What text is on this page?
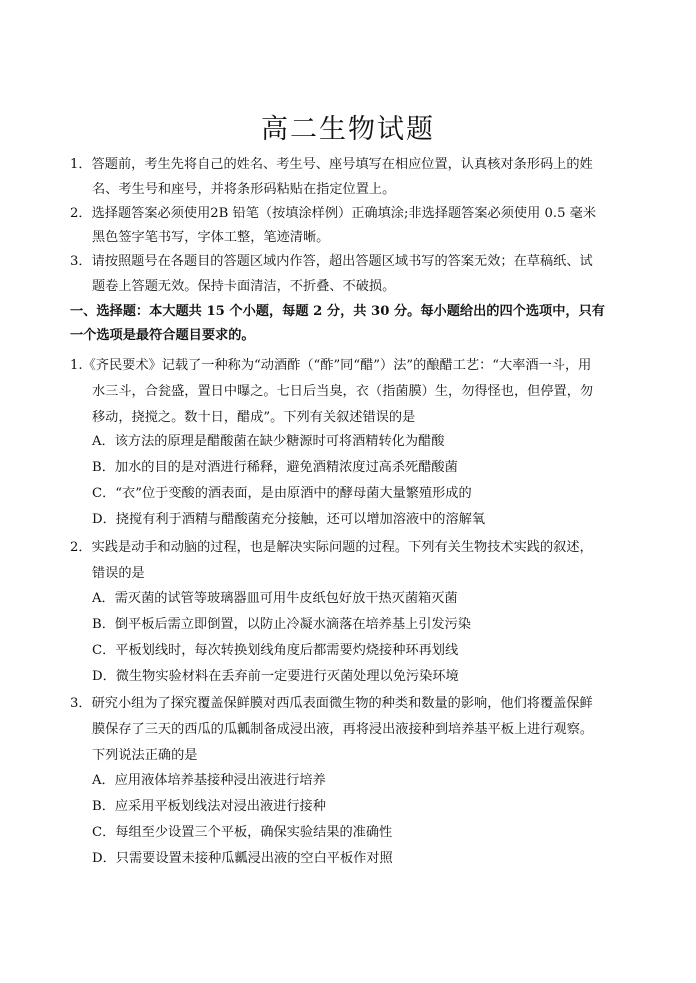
高二生物试题

1．答题前，考生先将自己的姓名、考生号、座号填写在相应位置，认真核对条形码上的姓

名、考生号和座号，并将条形码粘贴在指定位置上。

2．选择题答案必须使用2B 铅笔（按填涂样例）正确填涂;非选择题答案必须使用 0.5 毫米

黑色签字笔书写，字体工整，笔迹清晰。

3．请按照题号在各题目的答题区域内作答，超出答题区域书写的答案无效；在草稿纸、试

题卷上答题无效。保持卡面清洁，不折叠、不破损。

一、选择题：本大题共 15 个小题，每题 2 分，共 30 分。每小题给出的四个选项中，只有

一个选项是最符合题目要求的。

1.《齐民要术》记载了一种称为“动酒酢（“酢”同“醋”）法”的酿醋工艺：“大率酒一斗，用

水三斗，合瓮盛，置日中曝之。七日后当臭，衣（指菌膜）生，勿得怪也，但停置，勿

移动，挠搅之。数十日，醋成”。下列有关叙述错误的是

A．该方法的原理是醋酸菌在缺少糖源时可将酒精转化为醋酸

B．加水的目的是对酒进行稀释，避免酒精浓度过高杀死醋酸菌

C．“衣”位于变酸的酒表面，是由原酒中的酵母菌大量繁殖形成的

D．挠搅有利于酒精与醋酸菌充分接触，还可以增加溶液中的溶解氧

2．实践是动手和动脑的过程，也是解决实际问题的过程。下列有关生物技术实践的叙述，

错误的是

A．需灭菌的试管等玻璃器皿可用牛皮纸包好放干热灭菌箱灭菌

B．倒平板后需立即倒置，以防止冷凝水滴落在培养基上引发污染

C．平板划线时，每次转换划线角度后都需要灼烧接种环再划线

D．微生物实验材料在丢弃前一定要进行灭菌处理以免污染环境

3．研究小组为了探究覆盖保鲜膜对西瓜表面微生物的种类和数量的影响，他们将覆盖保鲜

膜保存了三天的西瓜的瓜瓤制备成浸出液，再将浸出液接种到培养基平板上进行观察。

下列说法正确的是

A．应用液体培养基接种浸出液进行培养

B．应采用平板划线法对浸出液进行接种

C．每组至少设置三个平板，确保实验结果的准确性

D．只需要设置未接种瓜瓤浸出液的空白平板作对照
